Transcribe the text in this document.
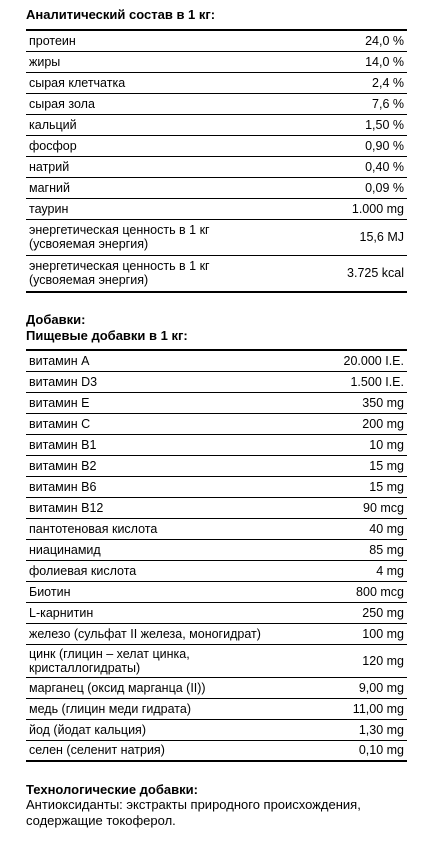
Аналитический состав в 1 кг:
протеин	24,0 %
жиры	14,0 %
сырая клетчатка	2,4 %
сырая зола	7,6 %
кальций	1,50 %
фосфор	0,90 %
натрий	0,40 %
магний	0,09 %
таурин	1.000 mg
энергетическая ценность в 1 кг (усвояемая энергия)	15,6 MJ
энергетическая ценность в 1 кг (усвояемая энергия)	3.725 kcal
Добавки:
Пищевые добавки в 1 кг:
витамин A	20.000 I.E.
витамин D3	1.500 I.E.
витамин E	350 mg
витамин C	200 mg
витамин B1	10 mg
витамин B2	15 mg
витамин B6	15 mg
витамин B12	90 mcg
пантотеновая кислота	40 mg
ниацинамид	85 mg
фолиевая кислота	4 mg
Биотин	800 mcg
L-карнитин	250 mg
железо (сульфат II железа, моногидрат)	100 mg
цинк (глицин – хелат цинка, кристаллогидраты)	120 mg
марганец (оксид марганца (II))	9,00 mg
медь (глицин меди гидрата)	11,00 mg
йод (йодат кальция)	1,30 mg
селен (селенит натрия)	0,10 mg
Технологические добавки:
Антиоксиданты: экстракты природного происхождения, содержащие токоферол.
